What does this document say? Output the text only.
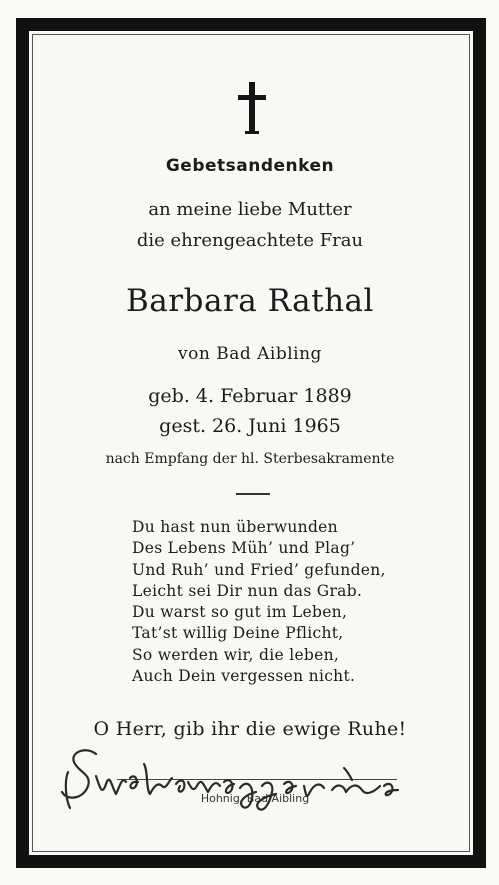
Gebetsandenken
an meine liebe Mutter
die ehrengeachtete Frau
Barbara Rathal
von Bad Aibling
geb. 4. Februar 1889
gest. 26. Juni 1965
nach Empfang der hl. Sterbesakramente
Du hast nun überwunden
Des Lebens Müh’ und Plag’
Und Ruh’ und Fried’ gefunden,
Leicht sei Dir nun das Grab.
Du warst so gut im Leben,
Tat’st willig Deine Pflicht,
So werden wir, die leben,
Auch Dein vergessen nicht.
O Herr, gib ihr die ewige Ruhe!
Hohnig, Bad Aibling
